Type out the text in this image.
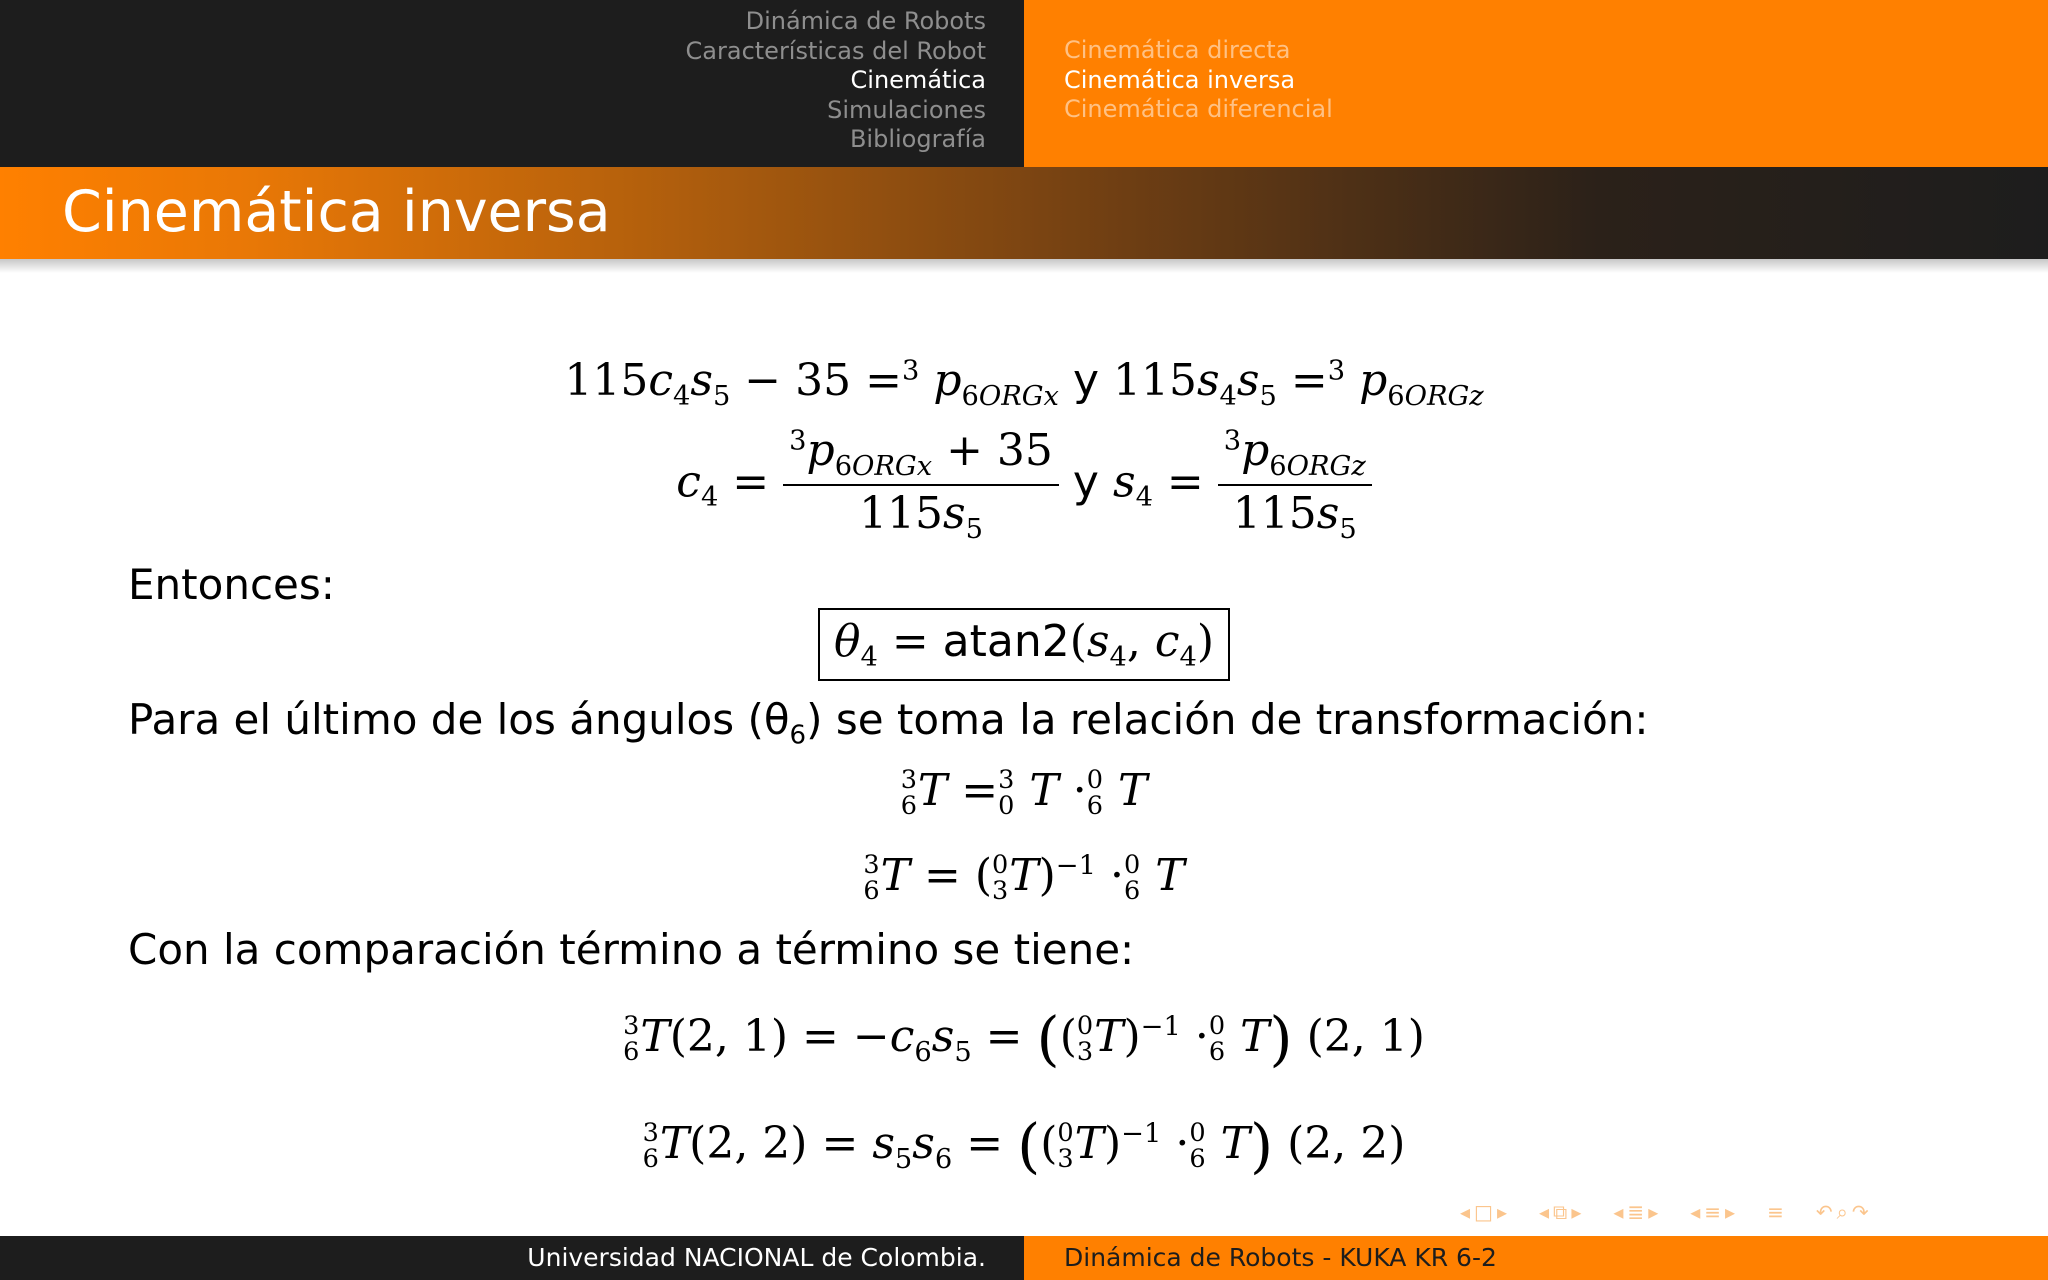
Dinámica de Robots
Características del Robot
Cinemática
Simulaciones
Bibliografía
Cinemática directa
Cinemática inversa
Cinemática diferencial
Cinemática inversa
$115c_4s_5 - 35 =^3$ $p_{6ORGx}$ y $115s_4s_5 =^3$ $p_{6ORGz}$
$c_4 = \frac{^3p_{6ORGx} + 35}{115s_5}$ y $s_4 = \frac{^3p_{6ORGz}}{115s_5}$
Entonces:
$\theta_4 = atan2(s_4$, $c_4$)
Para el último de los ángulos $(\theta_6)$ se toma la relación de transformación:
3
6 T = 3
0 T · 0
6 T
3
6 T = ( 0
3 T)$^{-1}$ · 0
6 T
Con la comparación término a término se tiene:
3
6 T(2, $1) = -c_6s_5$ = (( 0
3 T)$^{-1}$ · 0
6 T) (2, 1)
3
6 T(2, $2) = s_5s_6$ = (( 0
3 T)$^{-1}$ · 0
6 T) (2, 2)
◂ □ ▸ ◂ ⧉ ▸ ◂ ≣ ▸ ◂ ≡ ▸ ≡ ↶ ⌕ ↷
Universidad NACIONAL de Colombia.	Dinámica de Robots - KUKA KR 6-2
